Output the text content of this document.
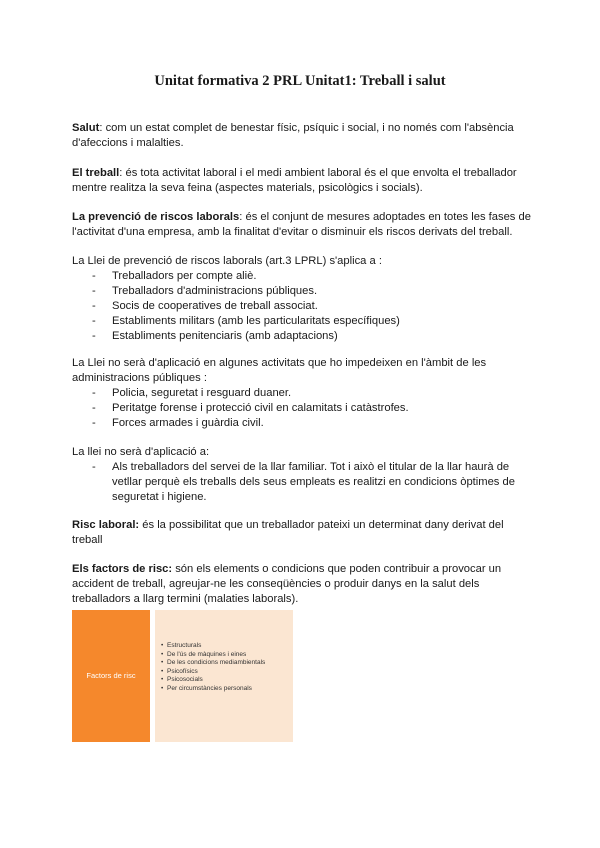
Unitat formativa 2 PRL Unitat1: Treball i salut

Salut: com un estat complet de benestar físic, psíquic i social, i no només com l'absència d'afeccions i malalties.

El treball: és tota activitat laboral i el medi ambient laboral és el que envolta el treballador mentre realitza la seva feina (aspectes materials, psicològics i socials).

La prevenció de riscos laborals: és el conjunt de mesures adoptades en totes les fases de l'activitat d'una empresa, amb la finalitat d'evitar o disminuir els riscos derivats del treball.

La Llei de prevenció de riscos laborals (art.3 LPRL) s'aplica a :

- Treballadors per compte aliè.
- Treballadors d'administracions públiques.
- Socis de cooperatives de treball associat.
- Establiments militars (amb les particularitats específiques)
- Establiments penitenciaris (amb adaptacions)

La Llei no serà d'aplicació en algunes activitats que ho impedeixen en l'àmbit de les administracions públiques :

- Policia, seguretat i resguard duaner.
- Peritatge forense i protecció civil en calamitats i catàstrofes.
- Forces armades i guàrdia civil.

La llei no serà d'aplicació a:

- Als treballadors del servei de la llar familiar. Tot i això el titular de la llar haurà de vetllar perquè els treballs dels seus empleats es realitzi en condicions òptimes de seguretat i higiene.

Risc laboral: és la possibilitat que un treballador pateixi un determinat dany derivat del treball

Els factors de risc: són els elements o condicions que poden contribuir a provocar un accident de treball, agreujar-ne les conseqüències o produir danys en la salut dels treballadors a llarg termini (malaties laborals).

Factors de risc
• Estructurals
• De l'ús de màquines i eines
• De les condicions mediambientals
• Psicofísics
• Psicosocials
• Per circumstàncies personals
